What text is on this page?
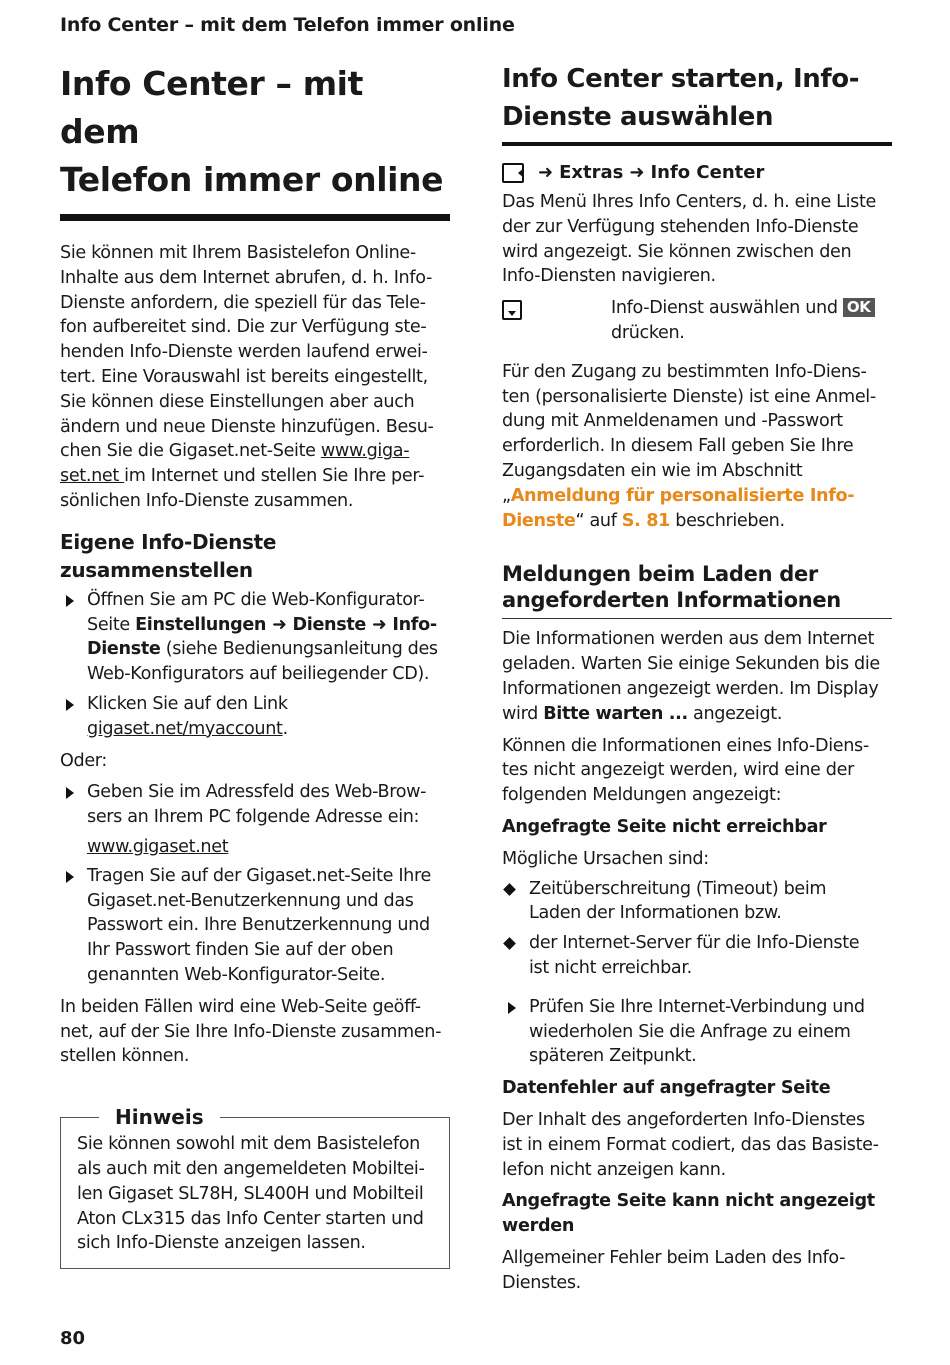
Info Center – mit dem Telefon immer online
Info Center – mit dem
Telefon immer online

Sie können mit Ihrem Basistelefon Online-
Inhalte aus dem Internet abrufen, d. h. Info-
Dienste anfordern, die speziell für das Tele-
fon aufbereitet sind. Die zur Verfügung ste-
henden Info-Dienste werden laufend erwei-
tert. Eine Vorauswahl ist bereits eingestellt,
Sie können diese Einstellungen aber auch
ändern und neue Dienste hinzufügen. Besu-
chen Sie die Gigaset.net-Seite www.giga-
set.net im Internet und stellen Sie Ihre per-
sönlichen Info-Dienste zusammen.

Eigene Info-Dienste zusammenstellen
Öffnen Sie am PC die Web-Konfigurator-
Seite Einstellungen ➜ Dienste ➜ Info-
Dienste (siehe Bedienungsanleitung des
Web-Konfigurators auf beiliegender CD).
Klicken Sie auf den Link
gigaset.net/myaccount.

Oder:

Geben Sie im Adressfeld des Web-Brow-
sers an Ihrem PC folgende Adresse ein:

www.gigaset.net
Tragen Sie auf der Gigaset.net-Seite Ihre
Gigaset.net-Benutzerkennung und das
Passwort ein. Ihre Benutzerkennung und
Ihr Passwort finden Sie auf der oben
genannten Web-Konfigurator-Seite.

In beiden Fällen wird eine Web-Seite geöff-
net, auf der Sie Ihre Info-Dienste zusammen-
stellen können.

Hinweis

Sie können sowohl mit dem Basistelefon
als auch mit den angemeldeten Mobiltei-
len Gigaset SL78H, SL400H und Mobilteil
Aton CLx315 das Info Center starten und
sich Info-Dienste anzeigen lassen.

Info Center starten, Info-
Dienste auswählen
➜ Extras ➜ Info Center

Das Menü Ihres Info Centers, d. h. eine Liste
der zur Verfügung stehenden Info-Dienste
wird angezeigt. Sie können zwischen den
Info-Diensten navigieren.

Info-Dienst auswählen und OK
drücken.

Für den Zugang zu bestimmten Info-Diens-
ten (personalisierte Dienste) ist eine Anmel-
dung mit Anmeldenamen und -Passwort
erforderlich. In diesem Fall geben Sie Ihre
Zugangsdaten ein wie im Abschnitt
„Anmeldung für personalisierte Info-
Dienste“ auf S. 81 beschrieben.

Meldungen beim Laden der
angeforderten Informationen

Die Informationen werden aus dem Internet
geladen. Warten Sie einige Sekunden bis die
Informationen angezeigt werden. Im Display
wird Bitte warten ... angezeigt.

Können die Informationen eines Info-Diens-
tes nicht angezeigt werden, wird eine der
folgenden Meldungen angezeigt:

Angefragte Seite nicht erreichbar

Mögliche Ursachen sind:

Zeitüberschreitung (Timeout) beim
Laden der Informationen bzw.
der Internet-Server für die Info-Dienste
ist nicht erreichbar.
Prüfen Sie Ihre Internet-Verbindung und
wiederholen Sie die Anfrage zu einem
späteren Zeitpunkt.

Datenfehler auf angefragter Seite

Der Inhalt des angeforderten Info-Dienstes
ist in einem Format codiert, das das Basiste-
lefon nicht anzeigen kann.

Angefragte Seite kann nicht angezeigt
werden

Allgemeiner Fehler beim Laden des Info-
Dienstes.

80
